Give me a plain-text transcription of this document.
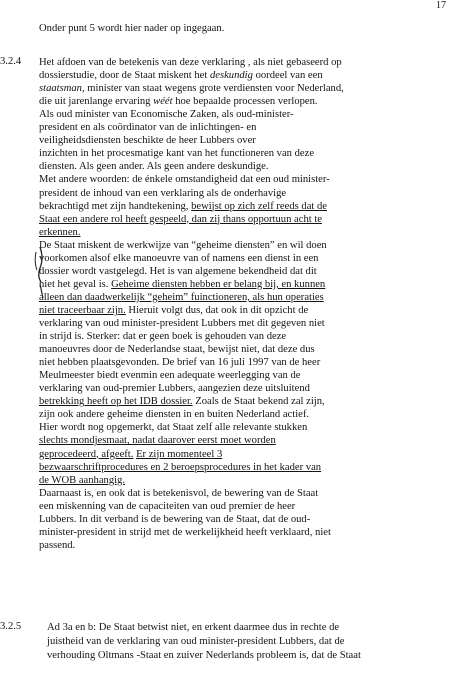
17
Onder punt 5 wordt hier nader op ingegaan.
3.2.4 Het afdoen van de betekenis van deze verklaring , als niet gebaseerd op
dossierstudie, door de Staat miskent het deskundig oordeel van een
staatsman, minister van staat wegens grote verdiensten voor Nederland,
die uit jarenlange ervaring wéét hoe bepaalde processen verlopen.
Als oud minister van Economische Zaken, als oud-minister-
president en als coördinator van de inlichtingen- en
veiligheidsdiensten beschikte de heer Lubbers over
inzichten in het procesmatige kant van het functioneren van deze
diensten. Als geen ander. Als geen andere deskundige.
Met andere woorden: de énkele omstandigheid dat een oud minister-
president de inhoud van een verklaring als de onderhavige
bekrachtigd met zijn handtekening, bewijst op zich zelf reeds dat de
Staat een andere rol heeft gespeeld, dan zij thans opportuun acht te
erkennen.
De Staat miskent de werkwijze van “geheime diensten” en wil doen
voorkomen alsof elke manoeuvre van of namens een dienst in een
dossier wordt vastgelegd. Het is van algemene bekendheid dat dit
niet het geval is. Geheime diensten hebben er belang bij, en kunnen
alleen dan daadwerkelijk “geheim” fuinctioneren, als hun operaties
niet traceerbaar zijn. Hieruit volgt dus, dat ook in dit opzicht de
verklaring van oud minister-president Lubbers met dit gegeven niet
in strijd is. Sterker: dat er geen boek is gehouden van deze
manoeuvres door de Nederlandse staat, bewijst niet, dat deze dus
niet hebben plaatsgevonden. De brief van 16 juli 1997 van de heer
Meulmeester biedt evenmin een adequate weerlegging van de
verklaring van oud-premier Lubbers, aangezien deze uitsluitend
betrekking heeft op het IDB dossier. Zoals de Staat bekend zal zijn,
zijn ook andere geheime diensten in en buiten Nederland actief.
Hier wordt nog opgemerkt, dat Staat zelf alle relevante stukken
slechts mondjesmaat, nadat daarover eerst moet worden
geprocedeerd, afgeeft. Er zijn momenteel 3
bezwaarschriftprocedures en 2 beroepsprocedures in het kader van
de WOB aanhangig.
Daarnaast is, en ook dat is betekenisvol, de bewering van de Staat
een miskenning van de capaciteiten van oud premier de heer
Lubbers. In dit verband is de bewering van de Staat, dat de oud-
minister-president in strijd met de werkelijkheid heeft verklaard, niet
passend.
3.2.5 Ad 3a en b: De Staat betwist niet, en erkent daarmee dus in rechte de
juistheid van de verklaring van oud minister-president Lubbers, dat de
verhouding Oltmans -Staat en zuiver Nederlands probleem is, dat de Staat
